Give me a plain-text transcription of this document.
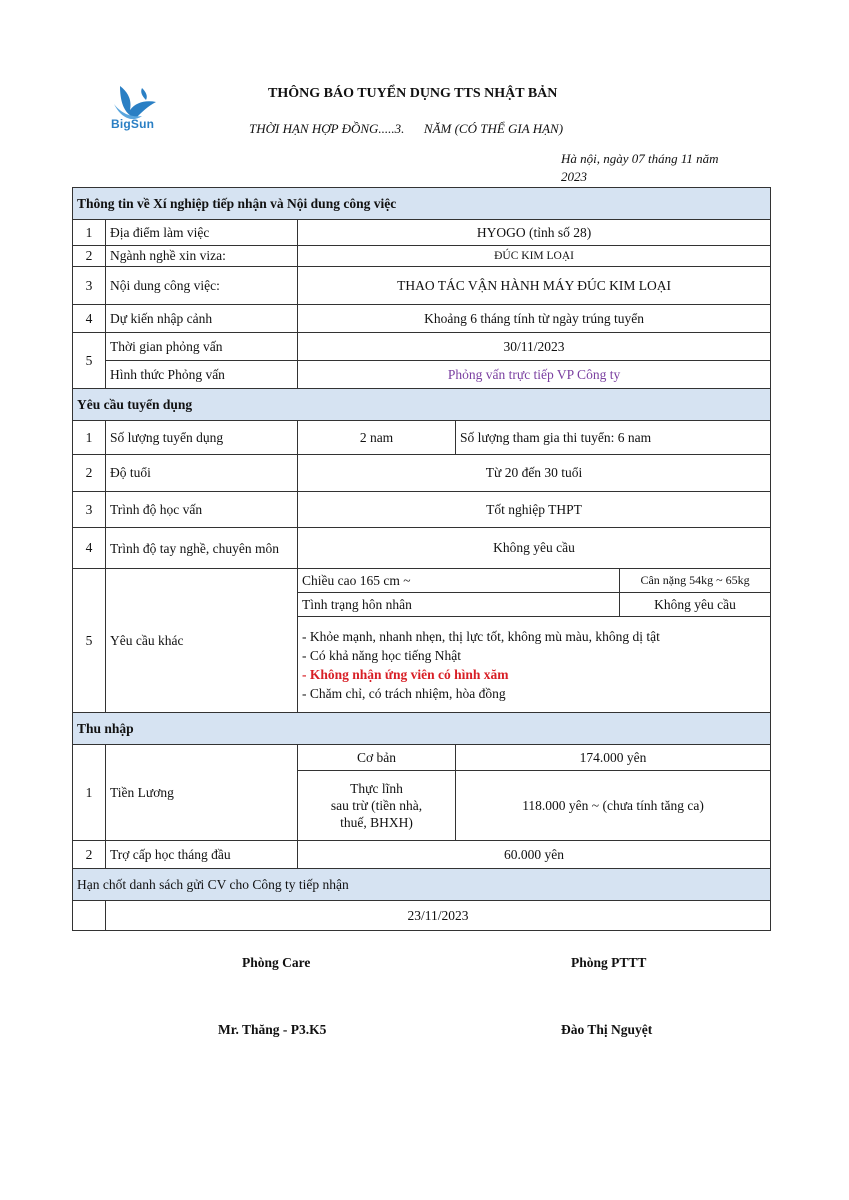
BigSun
THÔNG BÁO TUYỂN DỤNG TTS NHẬT BẢN
THỜI HẠN HỢP ĐỒNG.....3.      NĂM (CÓ THỂ GIA HẠN)
Hà nội, ngày 07 tháng 11 năm
2023
Thông tin về Xí nghiệp tiếp nhận và Nội dung công việc				
1	Địa điểm làm việc	HYOGO (tỉnh số 28)		
2	Ngành nghề xin viza:	ĐÚC KIM LOẠI		
3	Nội dung công việc:	THAO TÁC VẬN HÀNH MÁY ĐÚC KIM LOẠI		
4	Dự kiến nhập cảnh	Khoảng 6 tháng tính từ ngày trúng tuyển		
5	Thời gian phỏng vấn	30/11/2023		
	Hình thức Phỏng vấn	Phỏng vấn trực tiếp VP Công ty		
Yêu cầu tuyển dụng				
1	Số lượng tuyển dụng	2 nam	Số lượng tham gia thi tuyển: 6 nam	
2	Độ tuổi	Từ 20 đến 30 tuổi		
3	Trình độ học vấn	Tốt nghiệp THPT		
4	Trình độ tay nghề, chuyên môn	Không yêu cầu		
5	Yêu cầu khác	Chiều cao 165 cm ~		Cân nặng 54kg ~ 65kg
		Tình trạng hôn nhân		Không yêu cầu

		- Khỏe mạnh, nhanh nhẹn, thị lực tốt, không mù màu, không dị tật
- Có khả năng học tiếng Nhật
- Không nhận ứng viên có hình xăm
- Chăm chỉ, có trách nhiệm, hòa đồng		

Thu nhập				
1	Tiền Lương	Cơ bản	174.000 yên	

		Thực lĩnh
sau trừ (tiền nhà,
thuế, BHXH)	118.000 yên ~ (chưa tính tăng ca)	
2	Trợ cấp học tháng đầu	60.000 yên		
Hạn chốt danh sách gửi CV cho Công ty tiếp nhận				
	23/11/2023			
Phòng Care	Phòng PTTT
Mr. Thăng - P3.K5	Đào Thị Nguyệt
